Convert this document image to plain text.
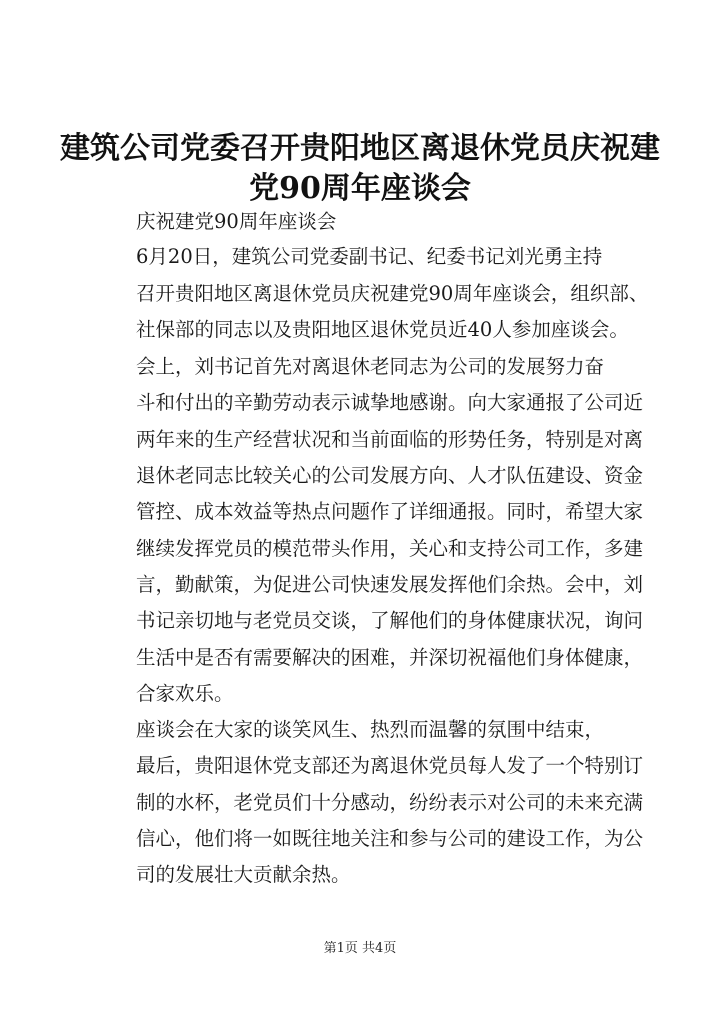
建筑公司党委召开贵阳地区离退休党员庆祝建
党90周年座谈会

庆祝建党90周年座谈会

6月20日，建筑公司党委副书记、纪委书记刘光勇主持

召开贵阳地区离退休党员庆祝建党90周年座谈会，组织部、

社保部的同志以及贵阳地区退休党员近40人参加座谈会。

会上，刘书记首先对离退休老同志为公司的发展努力奋

斗和付出的辛勤劳动表示诚挚地感谢。向大家通报了公司近

两年来的生产经营状况和当前面临的形势任务，特别是对离

退休老同志比较关心的公司发展方向、人才队伍建设、资金

管控、成本效益等热点问题作了详细通报。同时，希望大家

继续发挥党员的模范带头作用，关心和支持公司工作，多建

言，勤献策，为促进公司快速发展发挥他们余热。会中，刘

书记亲切地与老党员交谈，了解他们的身体健康状况，询问

生活中是否有需要解决的困难，并深切祝福他们身体健康，

合家欢乐。

座谈会在大家的谈笑风生、热烈而温馨的氛围中结束，

最后，贵阳退休党支部还为离退休党员每人发了一个特别订

制的水杯，老党员们十分感动，纷纷表示对公司的未来充满

信心，他们将一如既往地关注和参与公司的建设工作，为公

司的发展壮大贡献余热。

第1页 共4页
